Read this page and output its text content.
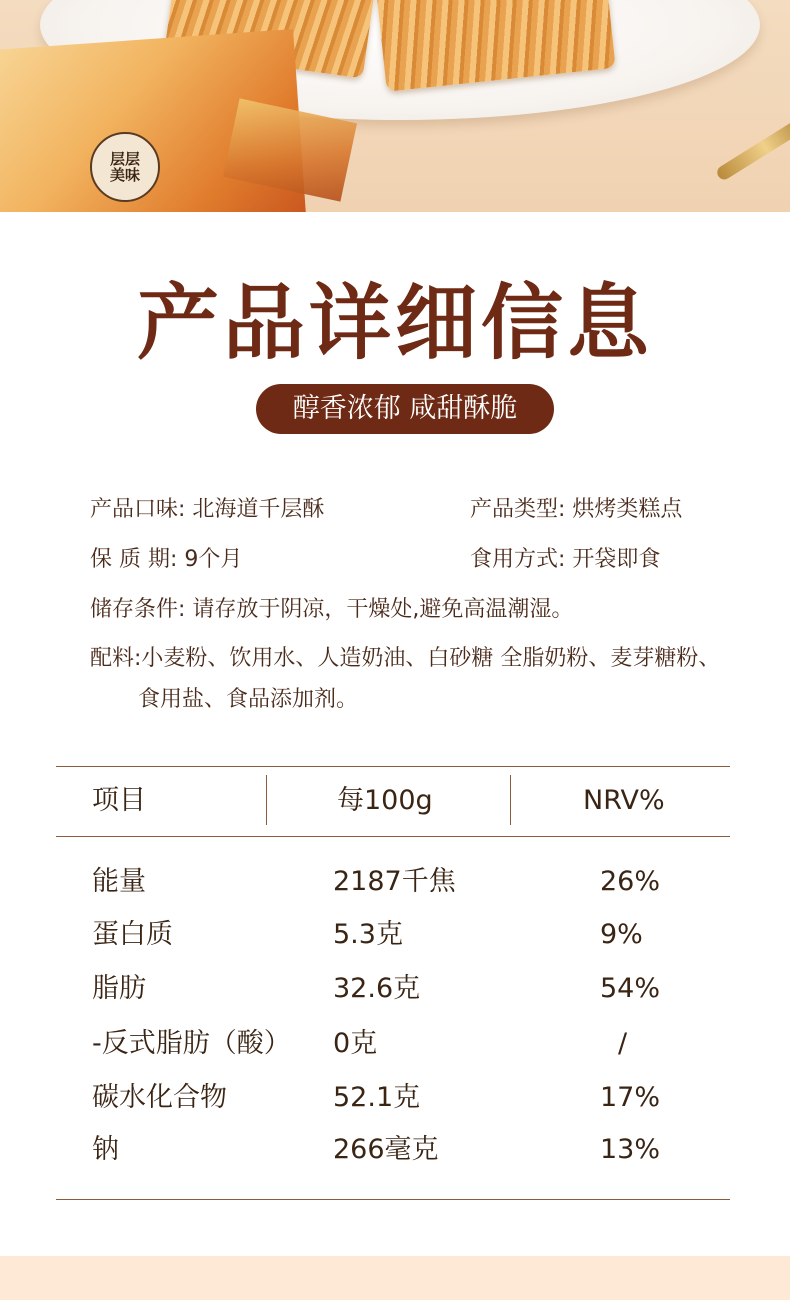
层层
美味
产品详细信息
醇香浓郁 咸甜酥脆
产品口味: 北海道千层酥	产品类型: 烘烤类糕点
保 质 期: 9个月	食用方式: 开袋即食
储存条件: 请存放于阴凉，干燥处,避免高温潮湿。
配料:小麦粉、饮用水、人造奶油、白砂糖 全脂奶粉、麦芽糖粉、
食用盐、食品添加剂。
项目	每100g	NRV%
能量	2187千焦	26%
蛋白质	5.3克	9%
脂肪	32.6克	54%
-反式脂肪（酸） 0克	/
碳水化合物	52.1克	17%
钠	266毫克	13%
